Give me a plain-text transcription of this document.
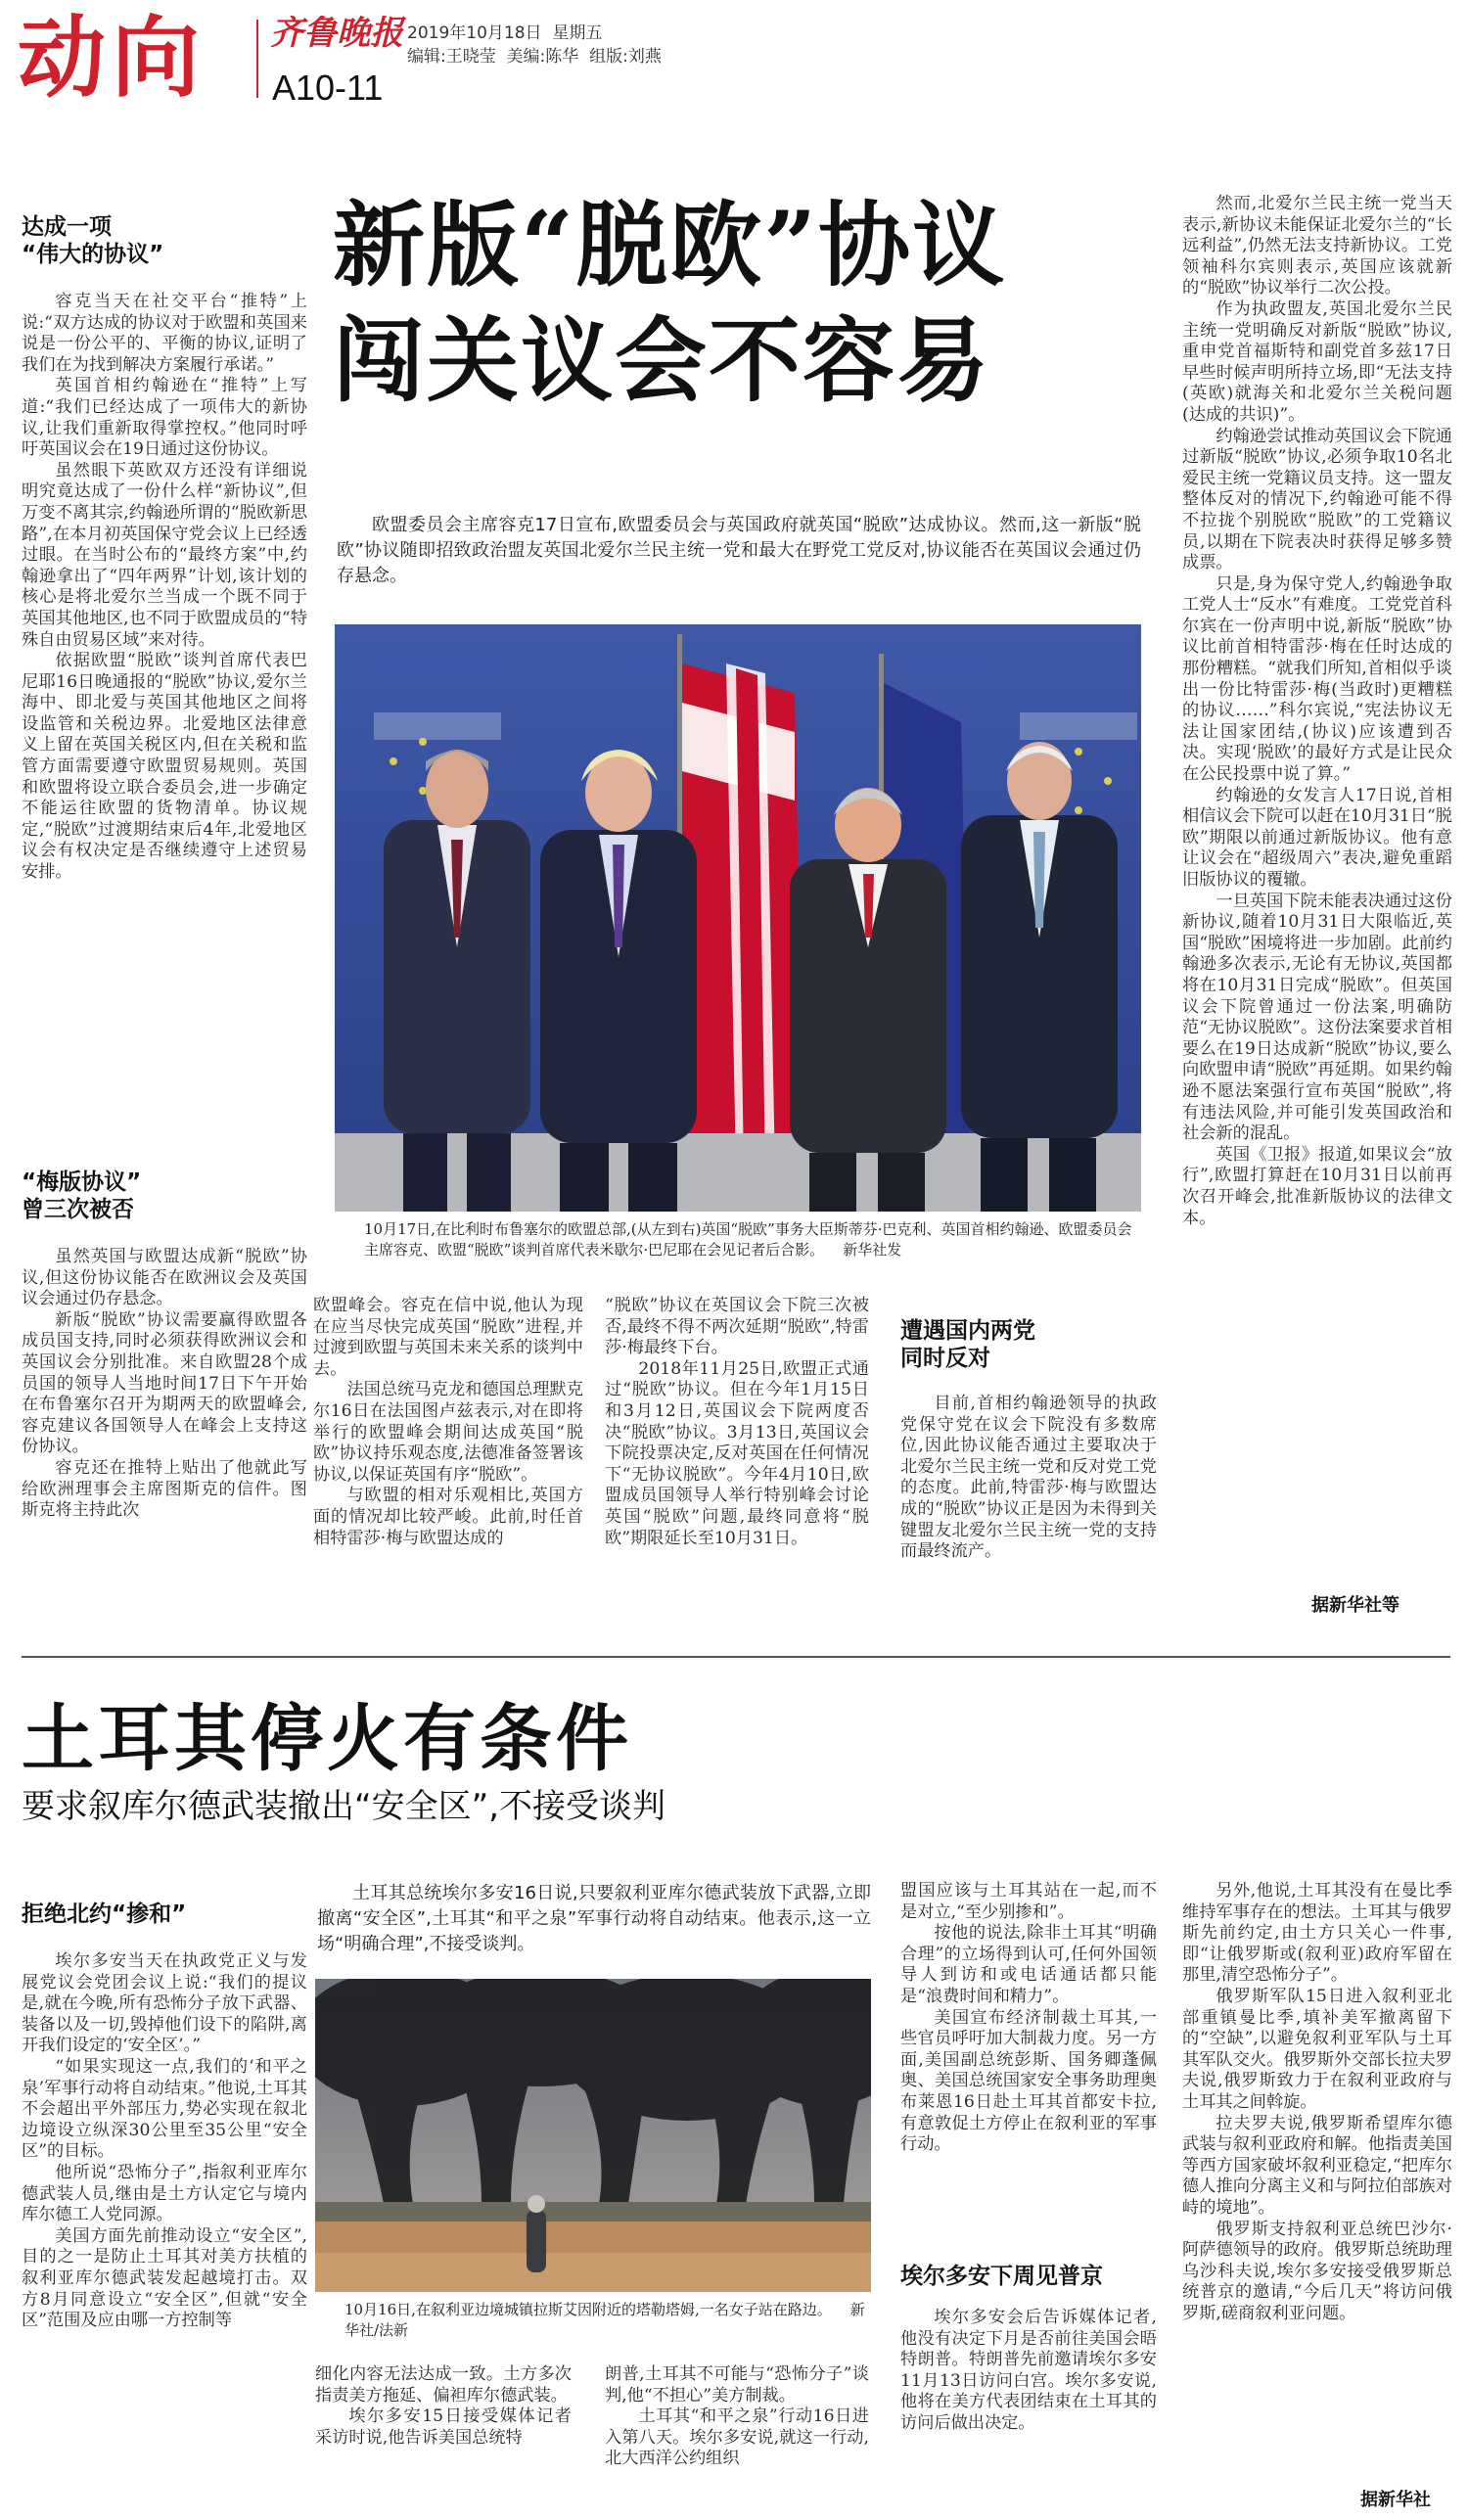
动向 齐鲁晚报
A10-11
2019年10月18日 星期五
编辑:王晓莹 美编:陈华 组版:刘燕
达成一项
“伟大的协议”

容克当天在社交平台“推特”上说:“双方达成的协议对于欧盟和英国来说是一份公平的、平衡的协议,证明了我们在为找到解决方案履行承诺。”

英国首相约翰逊在“推特”上写道:“我们已经达成了一项伟大的新协议,让我们重新取得掌控权。”他同时呼吁英国议会在19日通过这份协议。

虽然眼下英欧双方还没有详细说明究竟达成了一份什么样“新协议”,但万变不离其宗,约翰逊所谓的“脱欧新思路”,在本月初英国保守党会议上已经透过眼。在当时公布的“最终方案”中,约翰逊拿出了“四年两界”计划,该计划的核心是将北爱尔兰当成一个既不同于英国其他地区,也不同于欧盟成员的“特殊自由贸易区域”来对待。

依据欧盟“脱欧”谈判首席代表巴尼耶16日晚通报的“脱欧”协议,爱尔兰海中、即北爱与英国其他地区之间将设监管和关税边界。北爱地区法律意义上留在英国关税区内,但在关税和监管方面需要遵守欧盟贸易规则。英国和欧盟将设立联合委员会,进一步确定不能运往欧盟的货物清单。协议规定,“脱欧”过渡期结束后4年,北爱地区议会有权决定是否继续遵守上述贸易安排。

“梅版协议”
曾三次被否

虽然英国与欧盟达成新“脱欧”协议,但这份协议能否在欧洲议会及英国议会通过仍存悬念。

新版“脱欧”协议需要赢得欧盟各成员国支持,同时必须获得欧洲议会和英国议会分别批准。来自欧盟28个成员国的领导人当地时间17日下午开始在布鲁塞尔召开为期两天的欧盟峰会,容克建议各国领导人在峰会上支持这份协议。

容克还在推特上贴出了他就此写给欧洲理事会主席图斯克的信件。图斯克将主持此次

新版“脱欧”协议
闯关议会不容易
欧盟委员会主席容克17日宣布,欧盟委员会与英国政府就英国“脱欧”达成协议。然而,这一新版“脱欧”协议随即招致政治盟友英国北爱尔兰民主统一党和最大在野党工党反对,协议能否在英国议会通过仍存悬念。
10月17日,在比利时布鲁塞尔的欧盟总部,(从左到右)英国“脱欧”事务大臣斯蒂芬·巴克利、英国首相约翰逊、欧盟委员会主席容克、欧盟“脱欧”谈判首席代表米歇尔·巴尼耶在会见记者后合影。 新华社发

欧盟峰会。容克在信中说,他认为现在应当尽快完成英国“脱欧”进程,并过渡到欧盟与英国未来关系的谈判中去。

法国总统马克龙和德国总理默克尔16日在法国图卢兹表示,对在即将举行的欧盟峰会期间达成英国“脱欧”协议持乐观态度,法德准备签署该协议,以保证英国有序“脱欧”。

与欧盟的相对乐观相比,英国方面的情况却比较严峻。此前,时任首相特雷莎·梅与欧盟达成的

“脱欧”协议在英国议会下院三次被否,最终不得不两次延期“脱欧”,特雷莎·梅最终下台。

2018年11月25日,欧盟正式通过“脱欧”协议。但在今年1月15日和3月12日,英国议会下院两度否决“脱欧”协议。3月13日,英国议会下院投票决定,反对英国在任何情况下“无协议脱欧”。今年4月10日,欧盟成员国领导人举行特别峰会讨论英国“脱欧”问题,最终同意将“脱欧”期限延长至10月31日。

遭遇国内两党
同时反对

目前,首相约翰逊领导的执政党保守党在议会下院没有多数席位,因此协议能否通过主要取决于北爱尔兰民主统一党和反对党工党的态度。此前,特雷莎·梅与欧盟达成的“脱欧”协议正是因为未得到关键盟友北爱尔兰民主统一党的支持而最终流产。

然而,北爱尔兰民主统一党当天表示,新协议未能保证北爱尔兰的“长远利益”,仍然无法支持新协议。工党领袖科尔宾则表示,英国应该就新的“脱欧”协议举行二次公投。

作为执政盟友,英国北爱尔兰民主统一党明确反对新版“脱欧”协议,重申党首福斯特和副党首多兹17日早些时候声明所持立场,即“无法支持(英欧)就海关和北爱尔兰关税问题(达成的共识)”。

约翰逊尝试推动英国议会下院通过新版“脱欧”协议,必须争取10名北爱民主统一党籍议员支持。这一盟友整体反对的情况下,约翰逊可能不得不拉拢个别脱欧“脱欧”的工党籍议员,以期在下院表决时获得足够多赞成票。

只是,身为保守党人,约翰逊争取工党人士“反水”有难度。工党党首科尔宾在一份声明中说,新版“脱欧”协议比前首相特雷莎·梅在任时达成的那份糟糕。“就我们所知,首相似乎谈出一份比特雷莎·梅(当政时)更糟糕的协议……”科尔宾说,“宪法协议无法让国家团结,(协议)应该遭到否决。实现‘脱欧’的最好方式是让民众在公民投票中说了算。”

约翰逊的女发言人17日说,首相相信议会下院可以赶在10月31日“脱欧”期限以前通过新版协议。他有意让议会在“超级周六”表决,避免重蹈旧版协议的覆辙。

一旦英国下院未能表决通过这份新协议,随着10月31日大限临近,英国“脱欧”困境将进一步加剧。此前约翰逊多次表示,无论有无协议,英国都将在10月31日完成“脱欧”。但英国议会下院曾通过一份法案,明确防范“无协议脱欧”。这份法案要求首相要么在19日达成新“脱欧”协议,要么向欧盟申请“脱欧”再延期。如果约翰逊不愿法案强行宣布英国“脱欧”,将有违法风险,并可能引发英国政治和社会新的混乱。

英国《卫报》报道,如果议会“放行”,欧盟打算赶在10月31日以前再次召开峰会,批准新版协议的法律文本。

据新华社等
土耳其停火有条件
要求叙库尔德武装撤出“安全区”,不接受谈判
拒绝北约“掺和”

埃尔多安当天在执政党正义与发展党议会党团会议上说:“我们的提议是,就在今晚,所有恐怖分子放下武器、装备以及一切,毁掉他们设下的陷阱,离开我们设定的‘安全区’。”

“如果实现这一点,我们的‘和平之泉’军事行动将自动结束。”他说,土耳其不会超出平外部压力,势必实现在叙北边境设立纵深30公里至35公里“安全区”的目标。

他所说“恐怖分子”,指叙利亚库尔德武装人员,继由是土方认定它与境内库尔德工人党同源。

美国方面先前推动设立“安全区”,目的之一是防止土耳其对美方扶植的叙利亚库尔德武装发起越境打击。双方8月同意设立“安全区”,但就“安全区”范围及应由哪一方控制等

土耳其总统埃尔多安16日说,只要叙利亚库尔德武装放下武器,立即撤离“安全区”,土耳其“和平之泉”军事行动将自动结束。他表示,这一立场“明确合理”,不接受谈判。
10月16日,在叙利亚边境城镇拉斯艾因附近的塔勒塔姆,一名女子站在路边。 新华社/法新

细化内容无法达成一致。土方多次指责美方拖延、偏袒库尔德武装。

埃尔多安15日接受媒体记者采访时说,他告诉美国总统特

朗普,土耳其不可能与“恐怖分子”谈判,他“不担心”美方制裁。

土耳其“和平之泉”行动16日进入第八天。埃尔多安说,就这一行动,北大西洋公约组织

盟国应该与土耳其站在一起,而不是对立,“至少别掺和”。

按他的说法,除非土耳其“明确合理”的立场得到认可,任何外国领导人到访和或电话通话都只能是“浪费时间和精力”。

美国宣布经济制裁土耳其,一些官员呼吁加大制裁力度。另一方面,美国副总统彭斯、国务卿蓬佩奥、美国总统国家安全事务助理奥布莱恩16日赴土耳其首都安卡拉,有意敦促土方停止在叙利亚的军事行动。

埃尔多安下周见普京

埃尔多安会后告诉媒体记者,他没有决定下月是否前往美国会晤特朗普。特朗普先前邀请埃尔多安11月13日访问白宫。埃尔多安说,他将在美方代表团结束在土耳其的访问后做出决定。

另外,他说,土耳其没有在曼比季维持军事存在的想法。土耳其与俄罗斯先前约定,由土方只关心一件事,即“让俄罗斯或(叙利亚)政府军留在那里,清空恐怖分子”。

俄罗斯军队15日进入叙利亚北部重镇曼比季,填补美军撤离留下的“空缺”,以避免叙利亚军队与土耳其军队交火。俄罗斯外交部长拉夫罗夫说,俄罗斯致力于在叙利亚政府与土耳其之间斡旋。

拉夫罗夫说,俄罗斯希望库尔德武装与叙利亚政府和解。他指责美国等西方国家破坏叙利亚稳定,“把库尔德人推向分离主义和与阿拉伯部族对峙的境地”。

俄罗斯支持叙利亚总统巴沙尔·阿萨德领导的政府。俄罗斯总统助理乌沙科夫说,埃尔多安接受俄罗斯总统普京的邀请,“今后几天”将访问俄罗斯,磋商叙利亚问题。

据新华社
